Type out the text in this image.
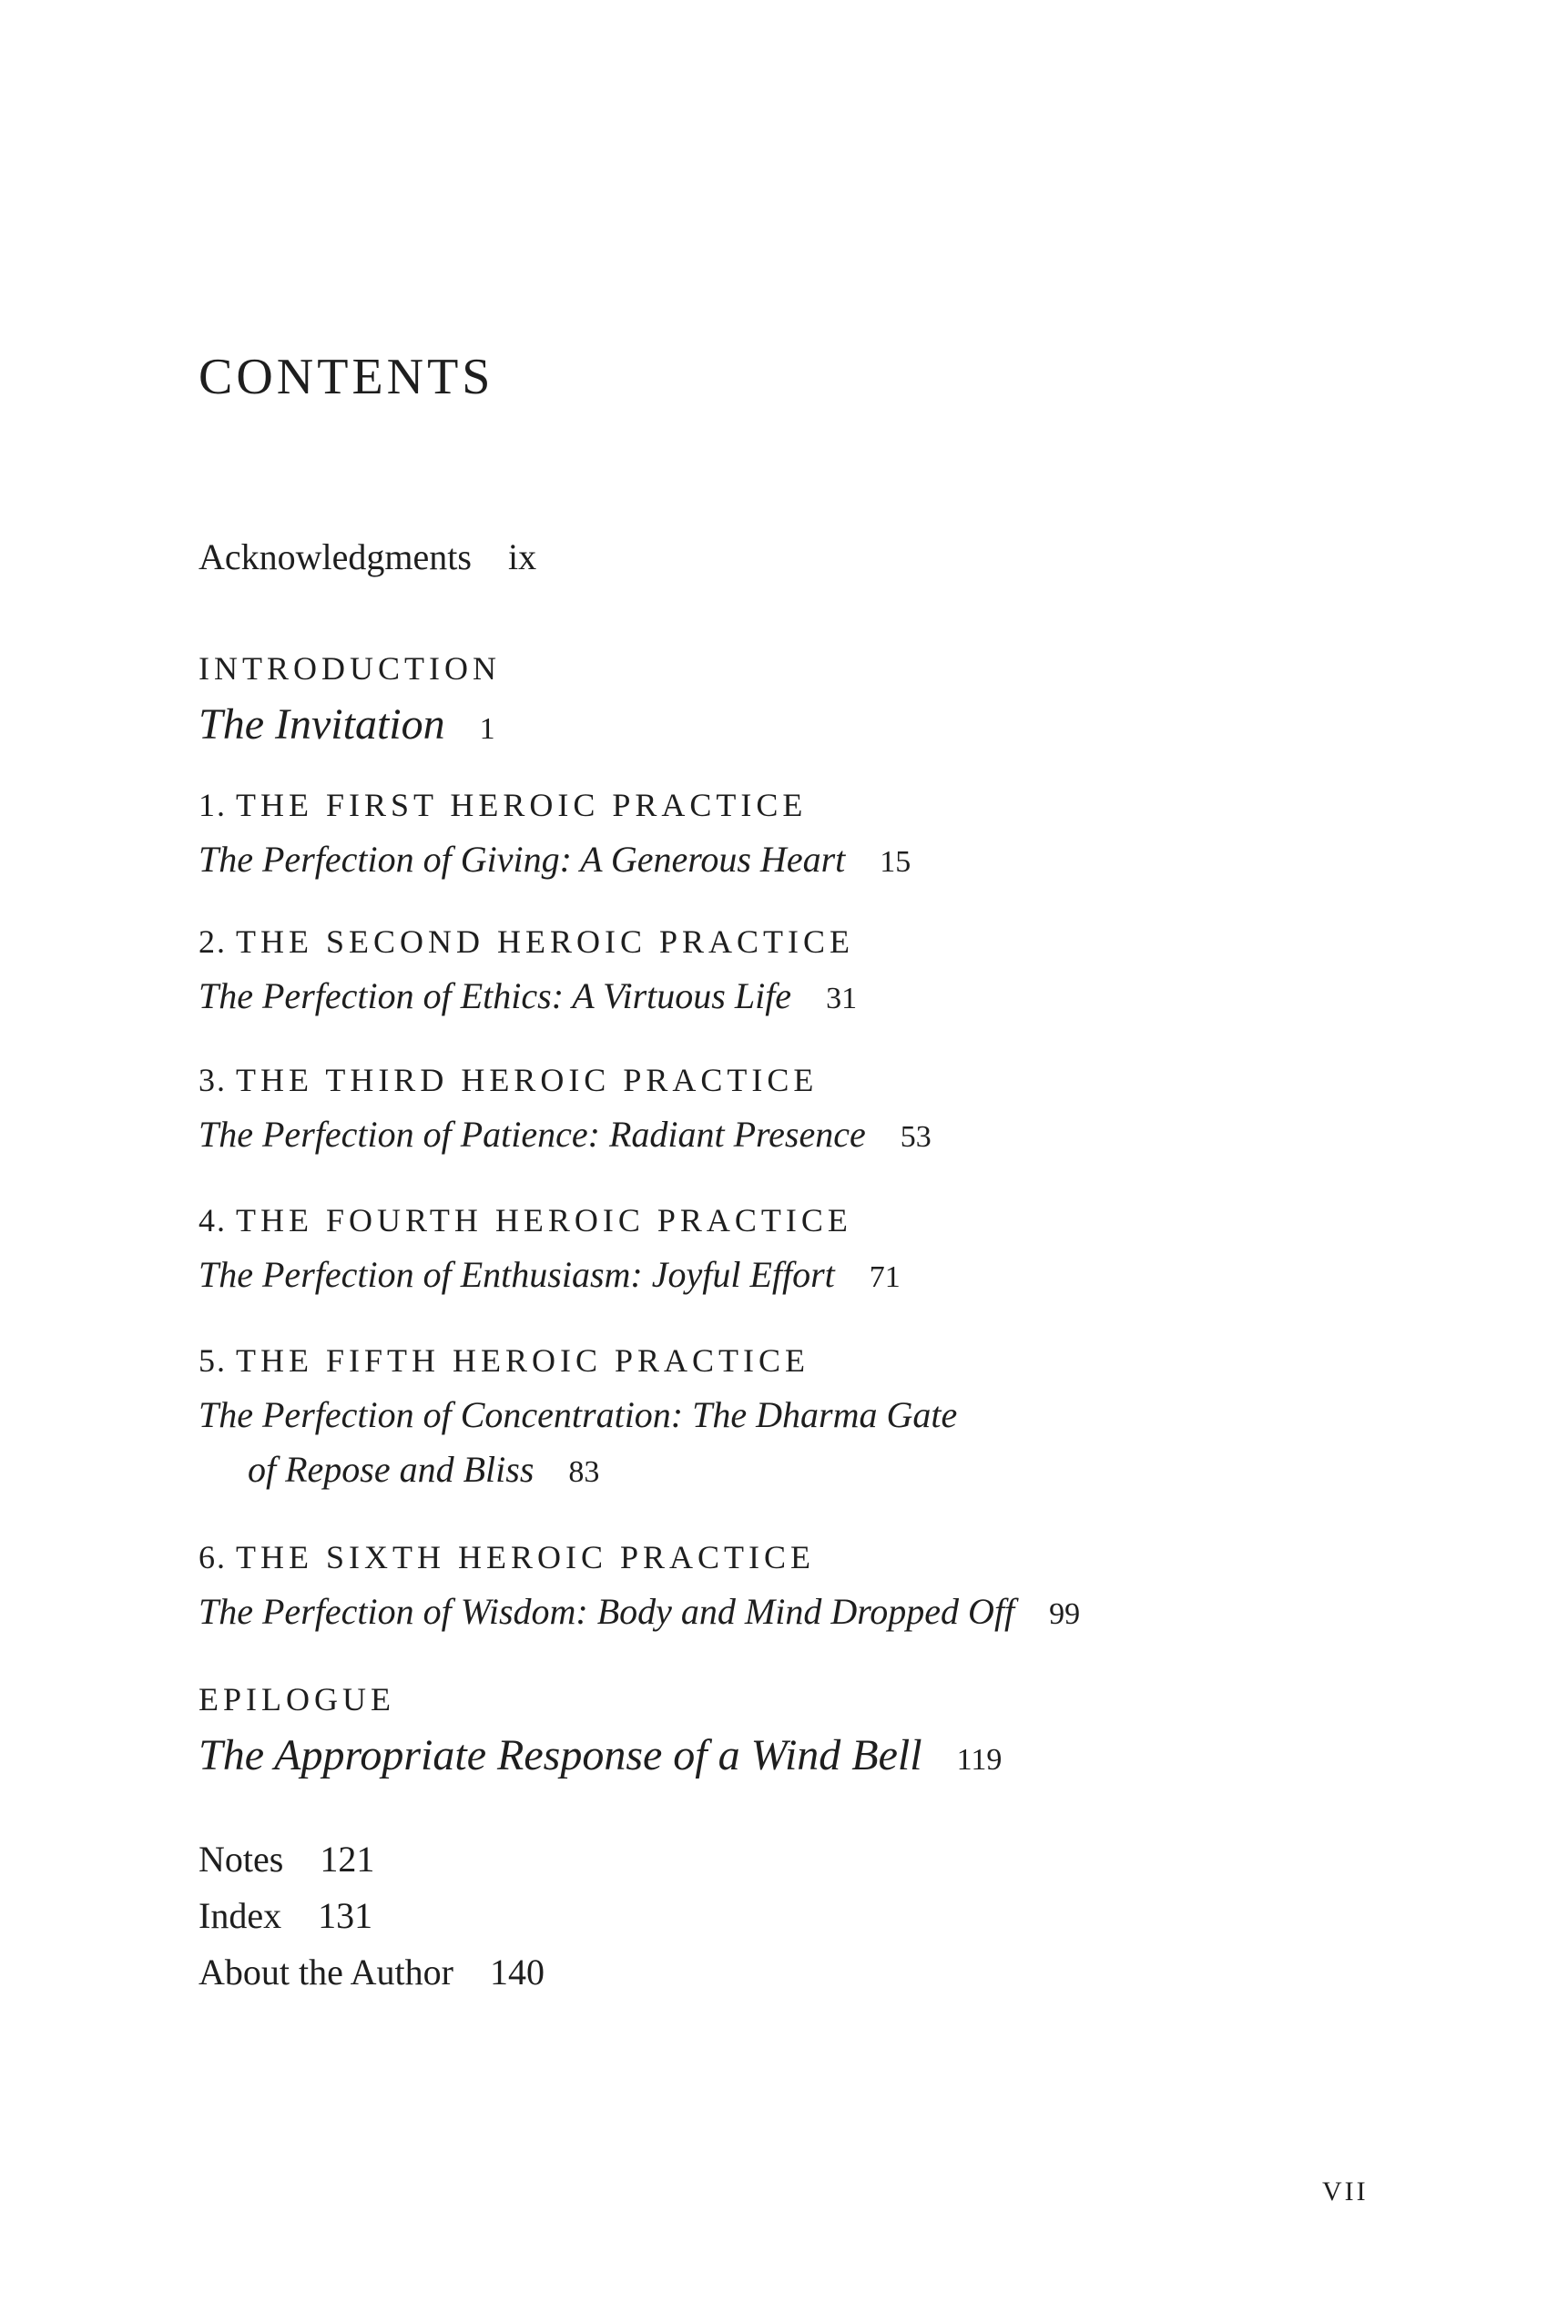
CONTENTS
Acknowledgments ix
INTRODUCTION
The Invitation 1
1. THE FIRST HEROIC PRACTICE
The Perfection of Giving: A Generous Heart 15
2. THE SECOND HEROIC PRACTICE
The Perfection of Ethics: A Virtuous Life 31
3. THE THIRD HEROIC PRACTICE
The Perfection of Patience: Radiant Presence 53
4. THE FOURTH HEROIC PRACTICE
The Perfection of Enthusiasm: Joyful Effort 71
5. THE FIFTH HEROIC PRACTICE
The Perfection of Concentration: The Dharma Gate
of Repose and Bliss 83
6. THE SIXTH HEROIC PRACTICE
The Perfection of Wisdom: Body and Mind Dropped Off 99
EPILOGUE
The Appropriate Response of a Wind Bell 119
Notes 121
Index 131
About the Author 140
VII
